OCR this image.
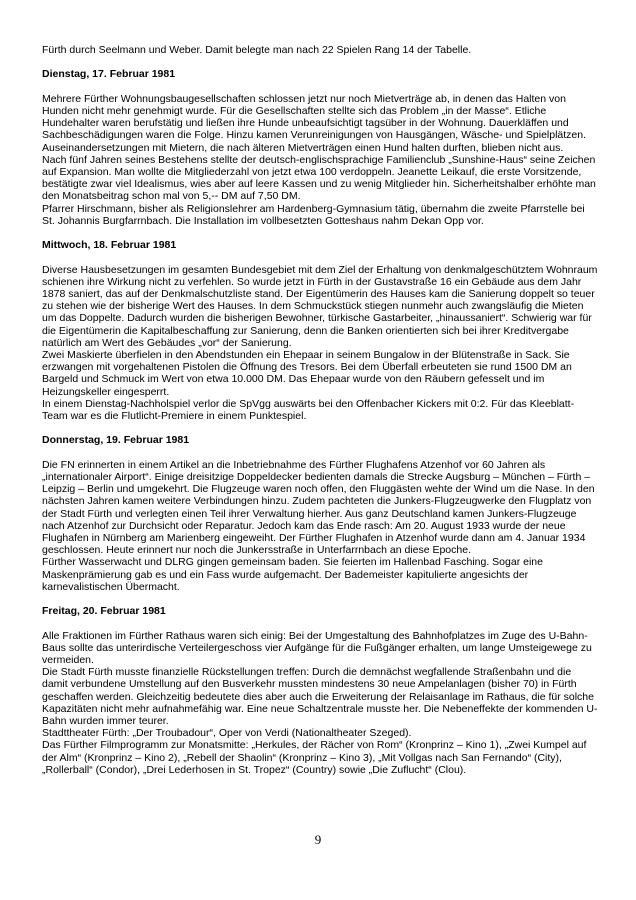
Fürth durch Seelmann und Weber. Damit belegte man nach 22 Spielen Rang 14 der Tabelle.

Dienstag, 17. Februar 1981

Mehrere Fürther Wohnungsbaugesellschaften schlossen jetzt nur noch Mietverträge ab, in denen das Halten von Hunden nicht mehr genehmigt wurde. Für die Gesellschaften stellte sich das Problem „in der Masse“. Etliche Hundehalter waren berufstätig und ließen ihre Hunde unbeaufsichtigt tagsüber in der Wohnung. Dauerkläffen und Sachbeschädigungen waren die Folge. Hinzu kamen Verunreinigungen von Hausgängen, Wäsche- und Spielplätzen. Auseinandersetzungen mit Mietern, die nach älteren Mietverträgen einen Hund halten durften, blieben nicht aus.

Nach fünf Jahren seines Bestehens stellte der deutsch-englischsprachige Familienclub „Sunshine-Haus“ seine Zeichen auf Expansion. Man wollte die Mitgliederzahl von jetzt etwa 100 verdoppeln. Jeanette Leikauf, die erste Vorsitzende, bestätigte zwar viel Idealismus, wies aber auf leere Kassen und zu wenig Mitglieder hin. Sicherheitshalber erhöhte man den Monatsbeitrag schon mal von 5,-- DM auf 7,50 DM.

Pfarrer Hirschmann, bisher als Religionslehrer am Hardenberg-Gymnasium tätig, übernahm die zweite Pfarrstelle bei St. Johannis Burgfarrnbach. Die Installation im vollbesetzten Gotteshaus nahm Dekan Opp vor.

Mittwoch, 18. Februar 1981

Diverse Hausbesetzungen im gesamten Bundesgebiet mit dem Ziel der Erhaltung von denkmalgeschütztem Wohnraum schienen ihre Wirkung nicht zu verfehlen. So wurde jetzt in Fürth in der Gustavstraße 16 ein Gebäude aus dem Jahr 1878 saniert, das auf der Denkmalschutzliste stand. Der Eigentümerin des Hauses kam die Sanierung doppelt so teuer zu stehen wie der bisherige Wert des Hauses. In dem Schmuckstück stiegen nunmehr auch zwangsläufig die Mieten um das Doppelte. Dadurch wurden die bisherigen Bewohner, türkische Gastarbeiter, „hinaussaniert“. Schwierig war für die Eigentümerin die Kapitalbeschaffung zur Sanierung, denn die Banken orientierten sich bei ihrer Kreditvergabe natürlich am Wert des Gebäudes „vor“ der Sanierung.

Zwei Maskierte überfielen in den Abendstunden ein Ehepaar in seinem Bungalow in der Blütenstraße in Sack. Sie erzwangen mit vorgehaltenen Pistolen die Öffnung des Tresors. Bei dem Überfall erbeuteten sie rund 1500 DM an Bargeld und Schmuck im Wert von etwa 10.000 DM. Das Ehepaar wurde von den Räubern gefesselt und im Heizungskeller eingesperrt.

In einem Dienstag-Nachholspiel verlor die SpVgg auswärts bei den Offenbacher Kickers mit 0:2. Für das Kleeblatt-Team war es die Flutlicht-Premiere in einem Punktespiel.

Donnerstag, 19. Februar 1981

Die FN erinnerten in einem Artikel an die Inbetriebnahme des Fürther Flughafens Atzenhof vor 60 Jahren als „internationaler Airport“. Einige dreisitzige Doppeldecker bedienten damals die Strecke Augsburg – München – Fürth – Leipzig – Berlin und umgekehrt. Die Flugzeuge waren noch offen, den Fluggästen wehte der Wind um die Nase. In den nächsten Jahren kamen weitere Verbindungen hinzu. Zudem pachteten die Junkers-Flugzeugwerke den Flugplatz von der Stadt Fürth und verlegten einen Teil ihrer Verwaltung hierher. Aus ganz Deutschland kamen Junkers-Flugzeuge nach Atzenhof zur Durchsicht oder Reparatur. Jedoch kam das Ende rasch: Am 20. August 1933 wurde der neue Flughafen in Nürnberg am Marienberg eingeweiht. Der Fürther Flughafen in Atzenhof wurde dann am 4. Januar 1934 geschlossen. Heute erinnert nur noch die Junkersstraße in Unterfarrnbach an diese Epoche.

Fürther Wasserwacht und DLRG gingen gemeinsam baden. Sie feierten im Hallenbad Fasching. Sogar eine Maskenprämierung gab es und ein Fass wurde aufgemacht. Der Bademeister kapitulierte angesichts der karnevalistischen Übermacht.

Freitag, 20. Februar 1981

Alle Fraktionen im Fürther Rathaus waren sich einig: Bei der Umgestaltung des Bahnhofplatzes im Zuge des U-Bahn-Baus sollte das unterirdische Verteilergeschoss vier Aufgänge für die Fußgänger erhalten, um lange Umsteigewege zu vermeiden.

Die Stadt Fürth musste finanzielle Rückstellungen treffen: Durch die demnächst wegfallende Straßenbahn und die damit verbundene Umstellung auf den Busverkehr mussten mindestens 30 neue Ampelanlagen (bisher 70) in Fürth geschaffen werden. Gleichzeitig bedeutete dies aber auch die Erweiterung der Relaisanlage im Rathaus, die für solche Kapazitäten nicht mehr aufnahmefähig war. Eine neue Schaltzentrale musste her. Die Nebeneffekte der kommenden U-Bahn wurden immer teurer.

Stadttheater Fürth: „Der Troubadour“, Oper von Verdi (Nationaltheater Szeged).

Das Fürther Filmprogramm zur Monatsmitte: „Herkules, der Rächer von Rom“ (Kronprinz – Kino 1), „Zwei Kumpel auf der Alm“ (Kronprinz – Kino 2), „Rebell der Shaolin“ (Kronprinz – Kino 3), „Mit Vollgas nach San Fernando“ (City), „Rollerball“ (Condor), „Drei Lederhosen in St. Tropez“ (Country) sowie „Die Zuflucht“ (Clou).

9
